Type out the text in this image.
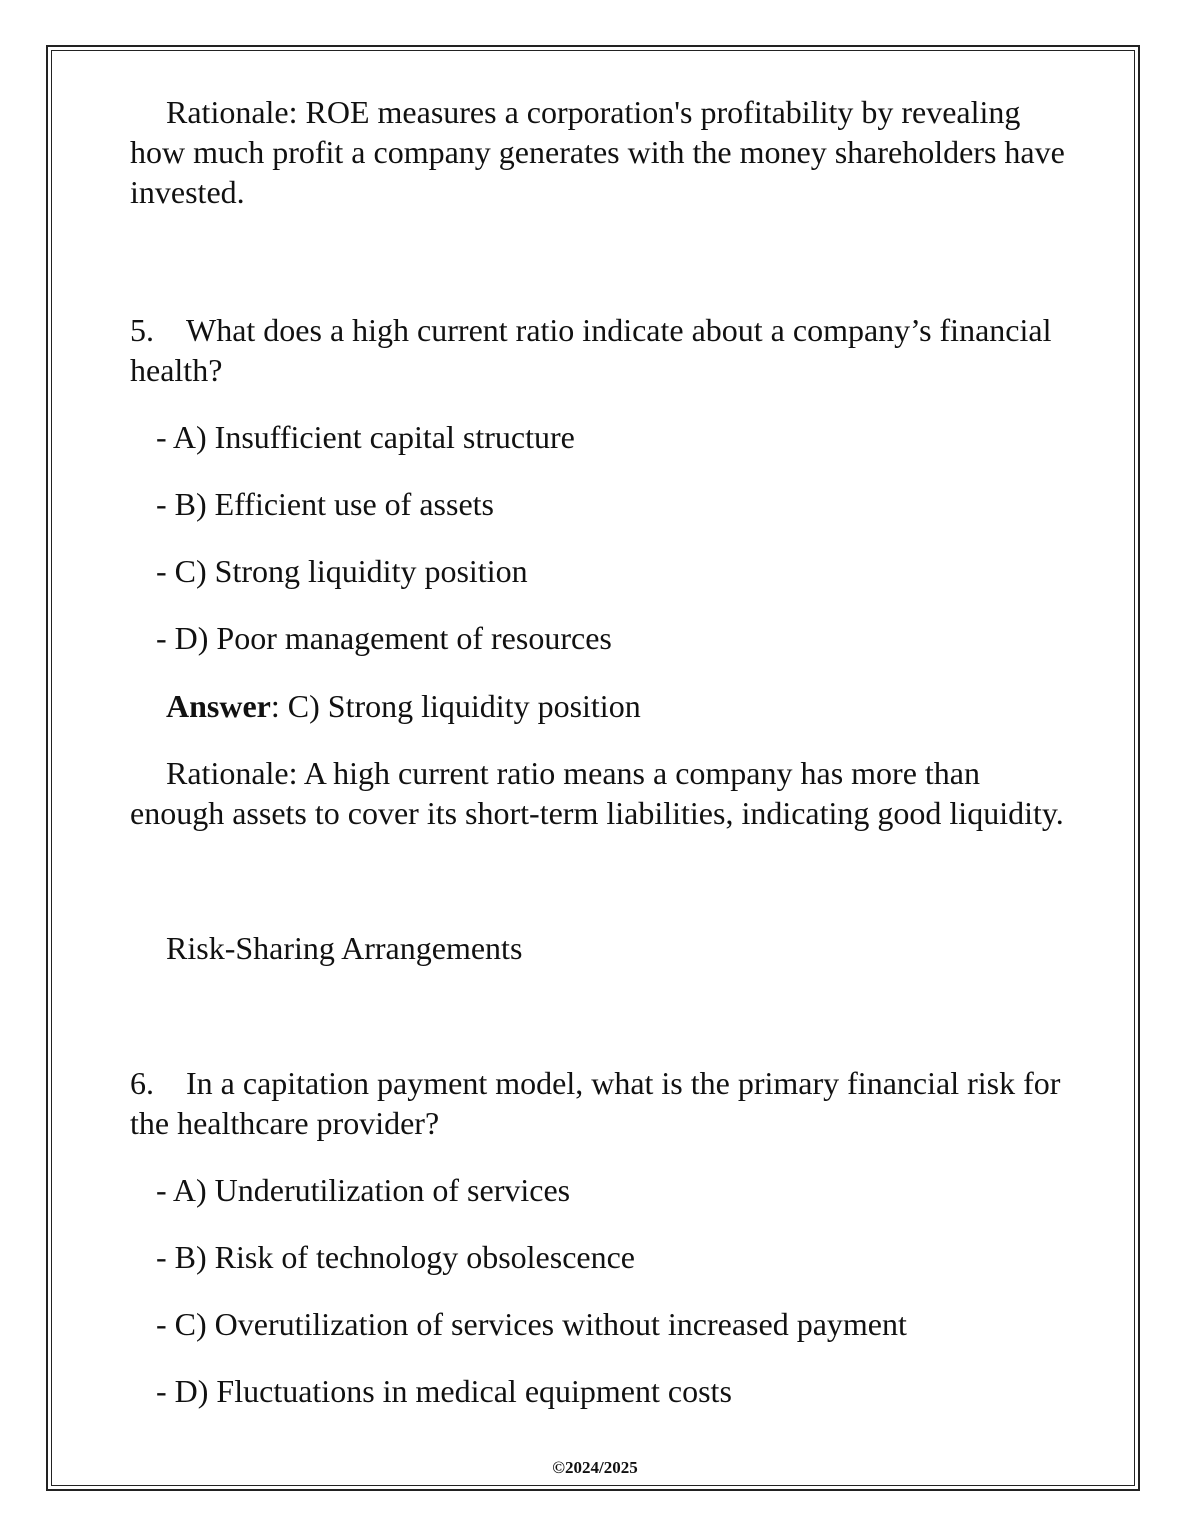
Rationale: ROE measures a corporation's profitability by revealing how much profit a company generates with the money shareholders have invested.

5. What does a high current ratio indicate about a company’s financial health?

- A) Insufficient capital structure

- B) Efficient use of assets

- C) Strong liquidity position

- D) Poor management of resources

Answer: C) Strong liquidity position

Rationale: A high current ratio means a company has more than enough assets to cover its short-term liabilities, indicating good liquidity.

Risk-Sharing Arrangements

6. In a capitation payment model, what is the primary financial risk for the healthcare provider?

- A) Underutilization of services

- B) Risk of technology obsolescence

- C) Overutilization of services without increased payment

- D) Fluctuations in medical equipment costs

©2024/2025
